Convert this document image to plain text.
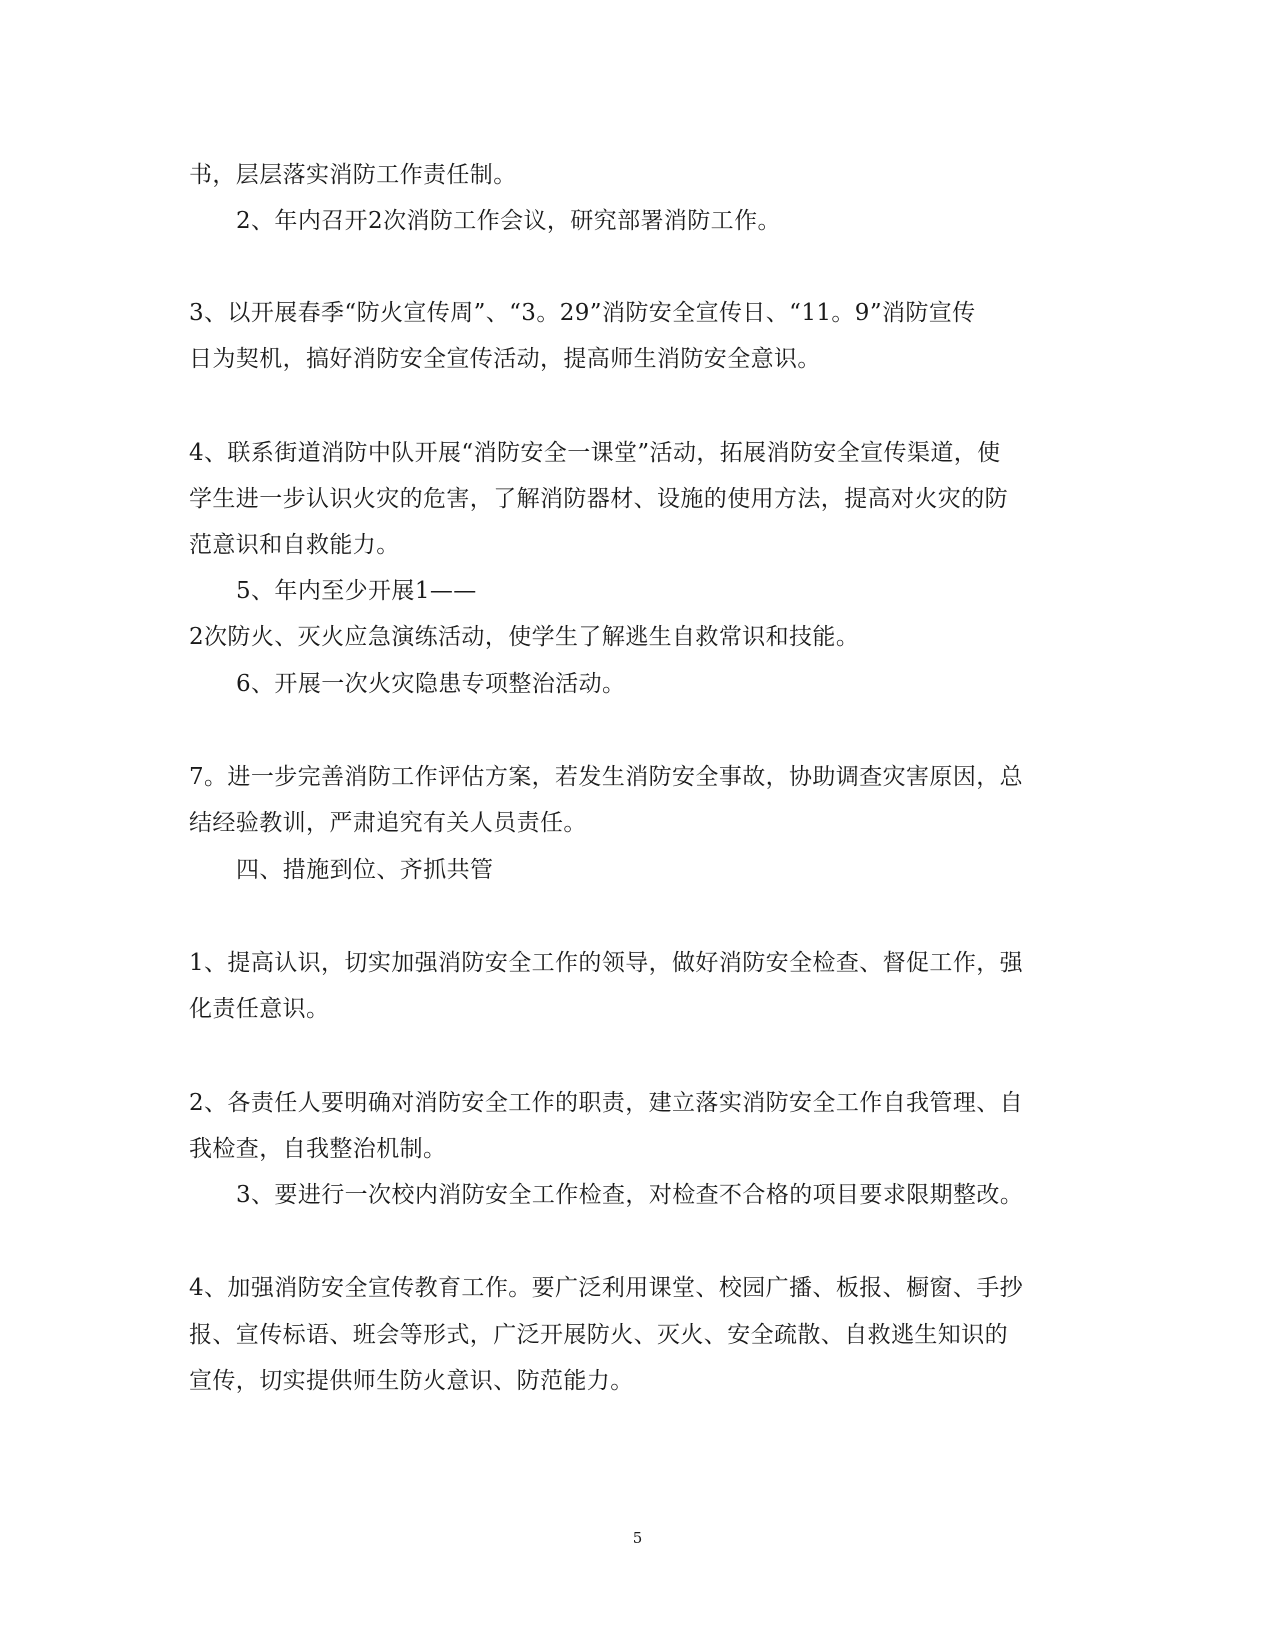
书，层层落实消防工作责任制。
2、年内召开2次消防工作会议，研究部署消防工作。
3、以开展春季“防火宣传周”、“3。29”消防安全宣传日、“11。9”消防宣传
日为契机，搞好消防安全宣传活动，提高师生消防安全意识。
4、联系街道消防中队开展“消防安全一课堂”活动，拓展消防安全宣传渠道，使
学生进一步认识火灾的危害，了解消防器材、设施的使用方法，提高对火灾的防
范意识和自救能力。
5、年内至少开展1——
2次防火、灭火应急演练活动，使学生了解逃生自救常识和技能。
6、开展一次火灾隐患专项整治活动。
7。进一步完善消防工作评估方案，若发生消防安全事故，协助调查灾害原因，总
结经验教训，严肃追究有关人员责任。
四、措施到位、齐抓共管
1、提高认识，切实加强消防安全工作的领导，做好消防安全检查、督促工作，强
化责任意识。
2、各责任人要明确对消防安全工作的职责，建立落实消防安全工作自我管理、自
我检查，自我整治机制。
3、要进行一次校内消防安全工作检查，对检查不合格的项目要求限期整改。
4、加强消防安全宣传教育工作。要广泛利用课堂、校园广播、板报、橱窗、手抄
报、宣传标语、班会等形式，广泛开展防火、灭火、安全疏散、自救逃生知识的
宣传，切实提供师生防火意识、防范能力。
5
